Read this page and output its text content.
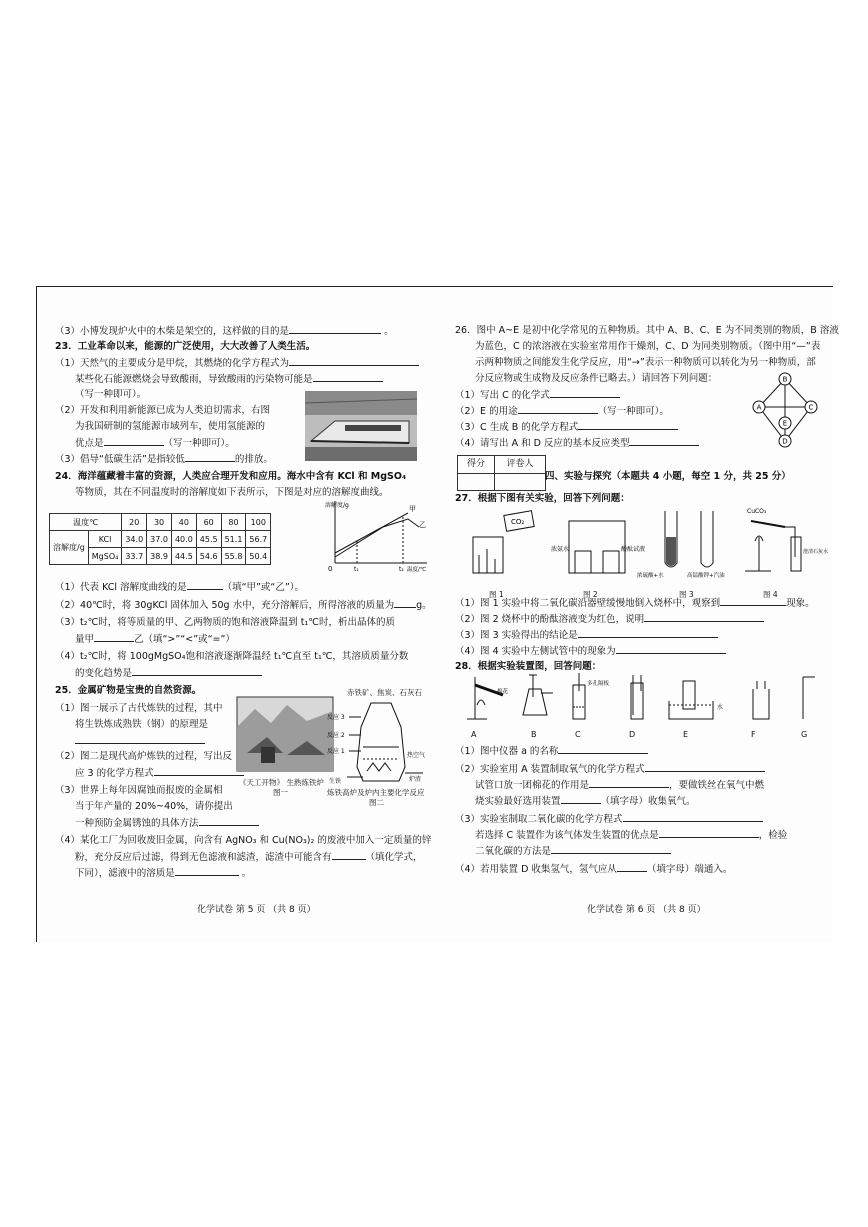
（3）小博发现炉火中的木柴是架空的，这样做的目的是	。
23．工业革命以来，能源的广泛使用，大大改善了人类生活。
（1）天然气的主要成分是甲烷，其燃烧的化学方程式为
某些化石能源燃烧会导致酸雨，导致酸雨的污染物可能是
（写一种即可）。
（2）开发和利用新能源已成为人类迫切需求，右图
为我国研制的氢能源市域列车，使用氢能源的
优点是	（写一种即可）。
（3）倡导“低碳生活”是指较低	的排放。
24．海洋蕴藏着丰富的资源，人类应合理开发和应用。海水中含有 KCl 和 MgSO₄
等物质，其在不同温度时的溶解度如下表所示，下图是对应的溶解度曲线。
温度℃		20	30	40	60	80	100
溶解度/g	KCl	34.0	37.0	40.0	45.5	51.1	56.7
	MgSO₄	33.7	38.9	44.5	54.6	55.8	50.4
溶解度/g	甲
乙
0	t₁	t₂ 温度/℃
（1）代表 KCl 溶解度曲线的是	（填“甲”或“乙”）。
（2）40℃时，将 30gKCl 固体加入 50g 水中，充分溶解后，所得溶液的质量为 g。
（3）t₂℃时，将等质量的甲、乙两物质的饱和溶液降温到 t₁℃时，析出晶体的质
量甲	乙（填“>”“<”或“=”）
（4）t₂℃时，将 100gMgSO₄饱和溶液逐渐降温经 t₁℃直至 t₁℃，其溶质质量分数
的变化趋势是
25．金属矿物是宝贵的自然资源。
（1）图一展示了古代炼铁的过程，其中
将生铁炼成熟铁（钢）的原理是
（2）图二是现代高炉炼铁的过程，写出反
应 3 的化学方程式
（3）世界上每年因腐蚀而报废的金属相
当于年产量的 20%~40%，请你提出
一种预防金属锈蚀的具体方法
（4）某化工厂为回收废旧金属，向含有 AgNO₃ 和 Cu(NO₃)₂ 的废液中加入一定质量的锌
粉，充分反应后过滤，得到无色滤液和滤渣，滤渣中可能含有	（填化学式，
下同），滤液中的溶质是	。
《天工开物》 生熟炼铁炉
图一
赤铁矿、焦炭、石灰石
反应 3
反应 2
反应 1
热空气
生铁	炉渣
炼铁高炉及炉内主要化学反应
图二
化学试卷 第 5 页 （共 8 页）
26．图中 A~E 是初中化学常见的五种物质。其中 A、B、C、E 为不同类别的物质，B 溶液
为蓝色，C 的浓溶液在实验室常用作干燥剂，C、D 为同类别物质。（图中用“—”表
示两种物质之间能发生化学反应，用“→”表示一种物质可以转化为另一种物质，部
分反应物或生成物及反应条件已略去。）请回答下列问题：
（1）写出 C 的化学式
（2）E 的用途	（写一种即可）。
（3）C 生成 B 的化学方程式
（4）请写出 A 和 D 反应的基本反应类型
B
A	C
E
D
得分	评卷人

四、实验与探究（本题共 4 小题，每空 1 分，共 25 分）
27．根据下图有关实验，回答下列问题：
CO₂
浓氨水	酚酞试液
浓硫酸+水	高锰酸钾+汽油
CuCO₃
澄清石灰水
图 1	图 2	图 3	图 4
（1）图 1 实验中将二氧化碳沿器壁缓慢地倒入烧杯中，观察到	现象。
（2）图 2 烧杯中的酚酞溶液变为红色，说明
（3）图 3 实验得出的结论是
（4）图 4 实验中左侧试管中的现象为
28．根据实验装置图，回答问题：
棉花
多孔隔板
水
A	B	C	D	E	F	G
（1）图中仪器 a 的名称
（2）实验室用 A 装置制取氧气的化学方程式
试管口放一团棉花的作用是	，要做铁丝在氧气中燃
烧实验最好选用装置	（填字母）收集氧气。
（3）实验室制取二氧化碳的化学方程式
若选择 C 装置作为该气体发生装置的优点是	，检验
二氧化碳的方法是
（4）若用装置 D 收集氢气，氢气应从	（填字母）端通入。
化学试卷 第 6 页 （共 8 页）
